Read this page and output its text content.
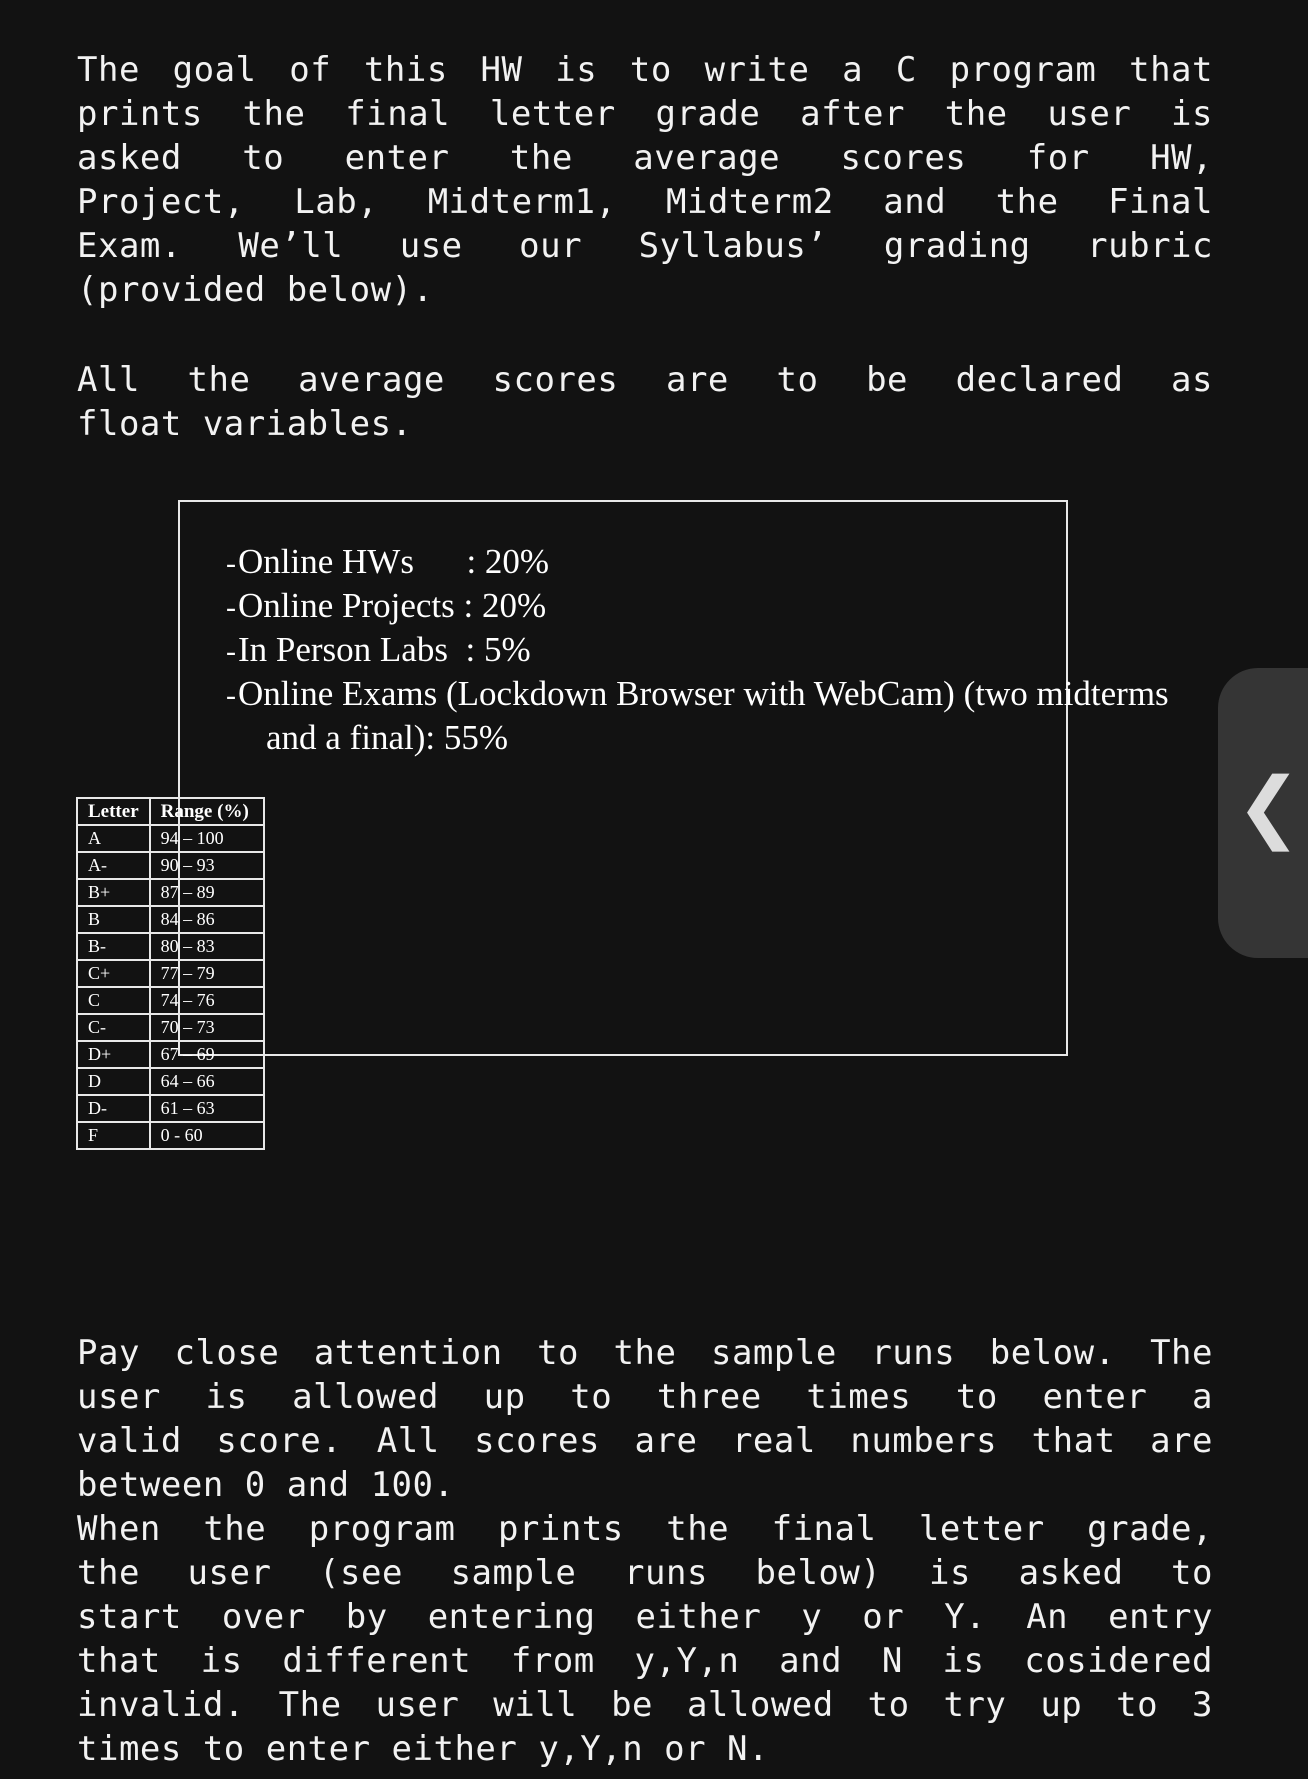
The goal of this HW is to write a C program that
prints the final letter grade after the user is
asked to enter the average scores for HW,
Project, Lab, Midterm1, Midterm2 and the Final
Exam. We’ll use our Syllabus’ grading rubric
(provided below).
All the average scores are to be declared as
float variables.
-Online HWs      : 20%
-Online Projects : 20%
-In Person Labs  : 5%
-Online Exams (Lockdown Browser with WebCam) (two midterms
and a final): 55%
Letter	Range (%)
A	94 – 100
A-	90 – 93
B+	87 – 89
B	84 – 86
B-	80 – 83
C+	77 – 79
C	74 – 76
C-	70 – 73
D+	67 – 69
D	64 – 66
D-	61 – 63
F	0 - 60
Pay close attention to the sample runs below. The
user is allowed up to three times to enter a
valid score. All scores are real numbers that are
between 0 and 100.
When the program prints the final letter grade,
the user (see sample runs below) is asked to
start over by entering either y or Y. An entry
that is different from y,Y,n and N is cosidered
invalid. The user will be allowed to try up to 3
times to enter either y,Y,n or N.
❮
